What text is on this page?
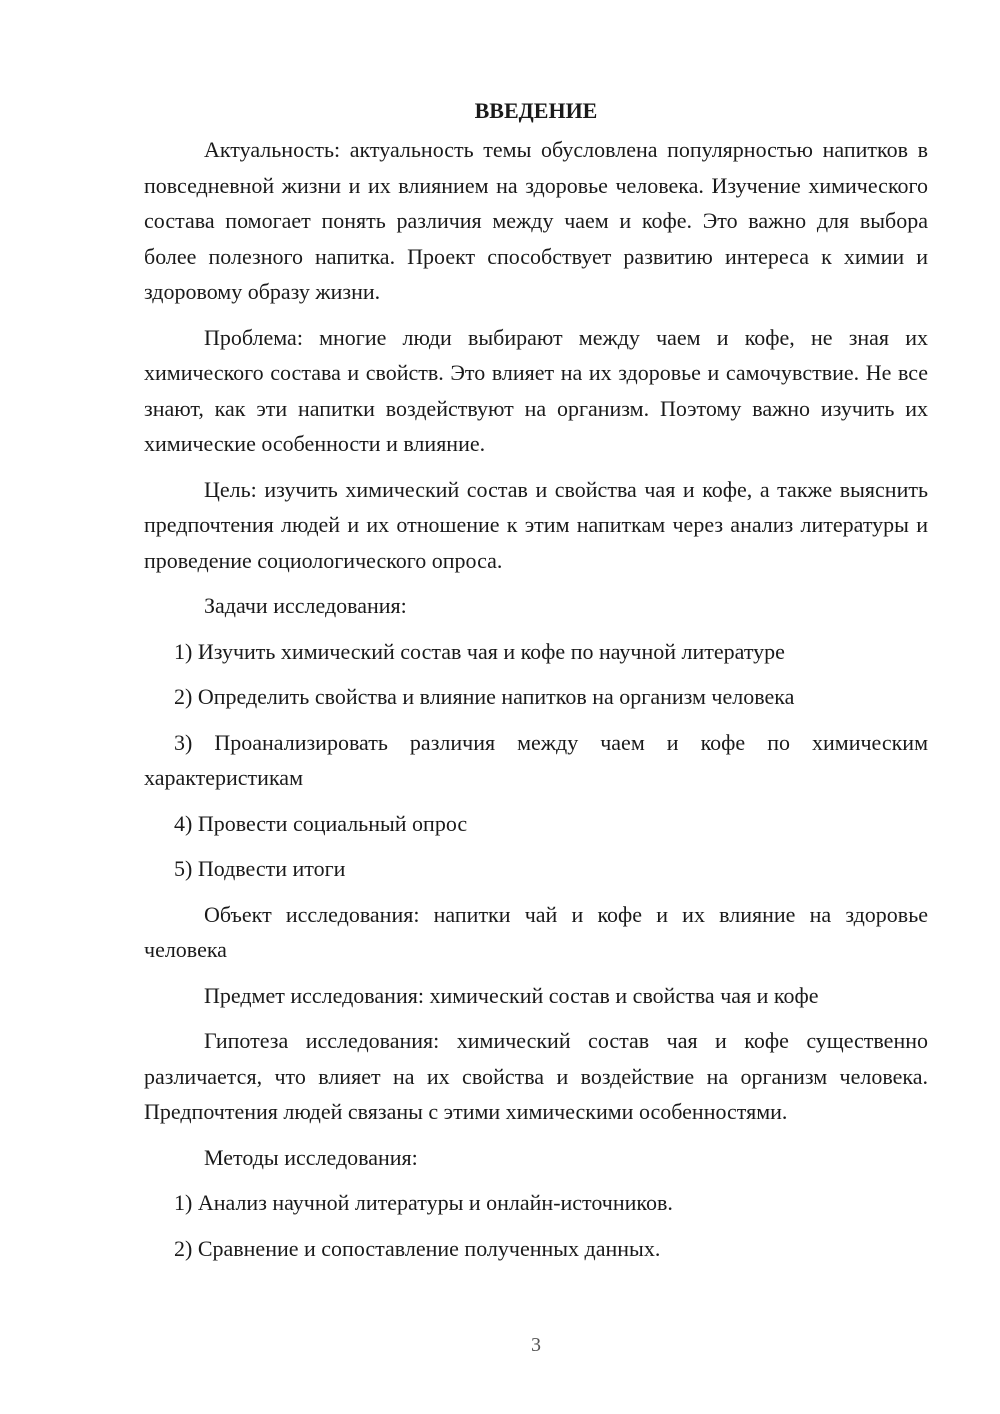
ВВЕДЕНИЕ

Актуальность: актуальность темы обусловлена популярностью напитков в повседневной жизни и их влиянием на здоровье человека. Изучение химического состава помогает понять различия между чаем и кофе. Это важно для выбора более полезного напитка. Проект способствует развитию интереса к химии и здоровому образу жизни.

Проблема: многие люди выбирают между чаем и кофе, не зная их химического состава и свойств. Это влияет на их здоровье и самочувствие. Не все знают, как эти напитки воздействуют на организм. Поэтому важно изучить их химические особенности и влияние.

Цель: изучить химический состав и свойства чая и кофе, а также выяснить предпочтения людей и их отношение к этим напиткам через анализ литературы и проведение социологического опроса.

Задачи исследования:

1) Изучить химический состав чая и кофе по научной литературе

2) Определить свойства и влияние напитков на организм человека

3) Проанализировать различия между чаем и кофе по химическим характеристикам

4) Провести социальный опрос

5) Подвести итоги

Объект исследования: напитки чай и кофе и их влияние на здоровье человека

Предмет исследования: химический состав и свойства чая и кофе

Гипотеза исследования: химический состав чая и кофе существенно различается, что влияет на их свойства и воздействие на организм человека. Предпочтения людей связаны с этими химическими особенностями.

Методы исследования:

1) Анализ научной литературы и онлайн-источников.

2) Сравнение и сопоставление полученных данных.

3
